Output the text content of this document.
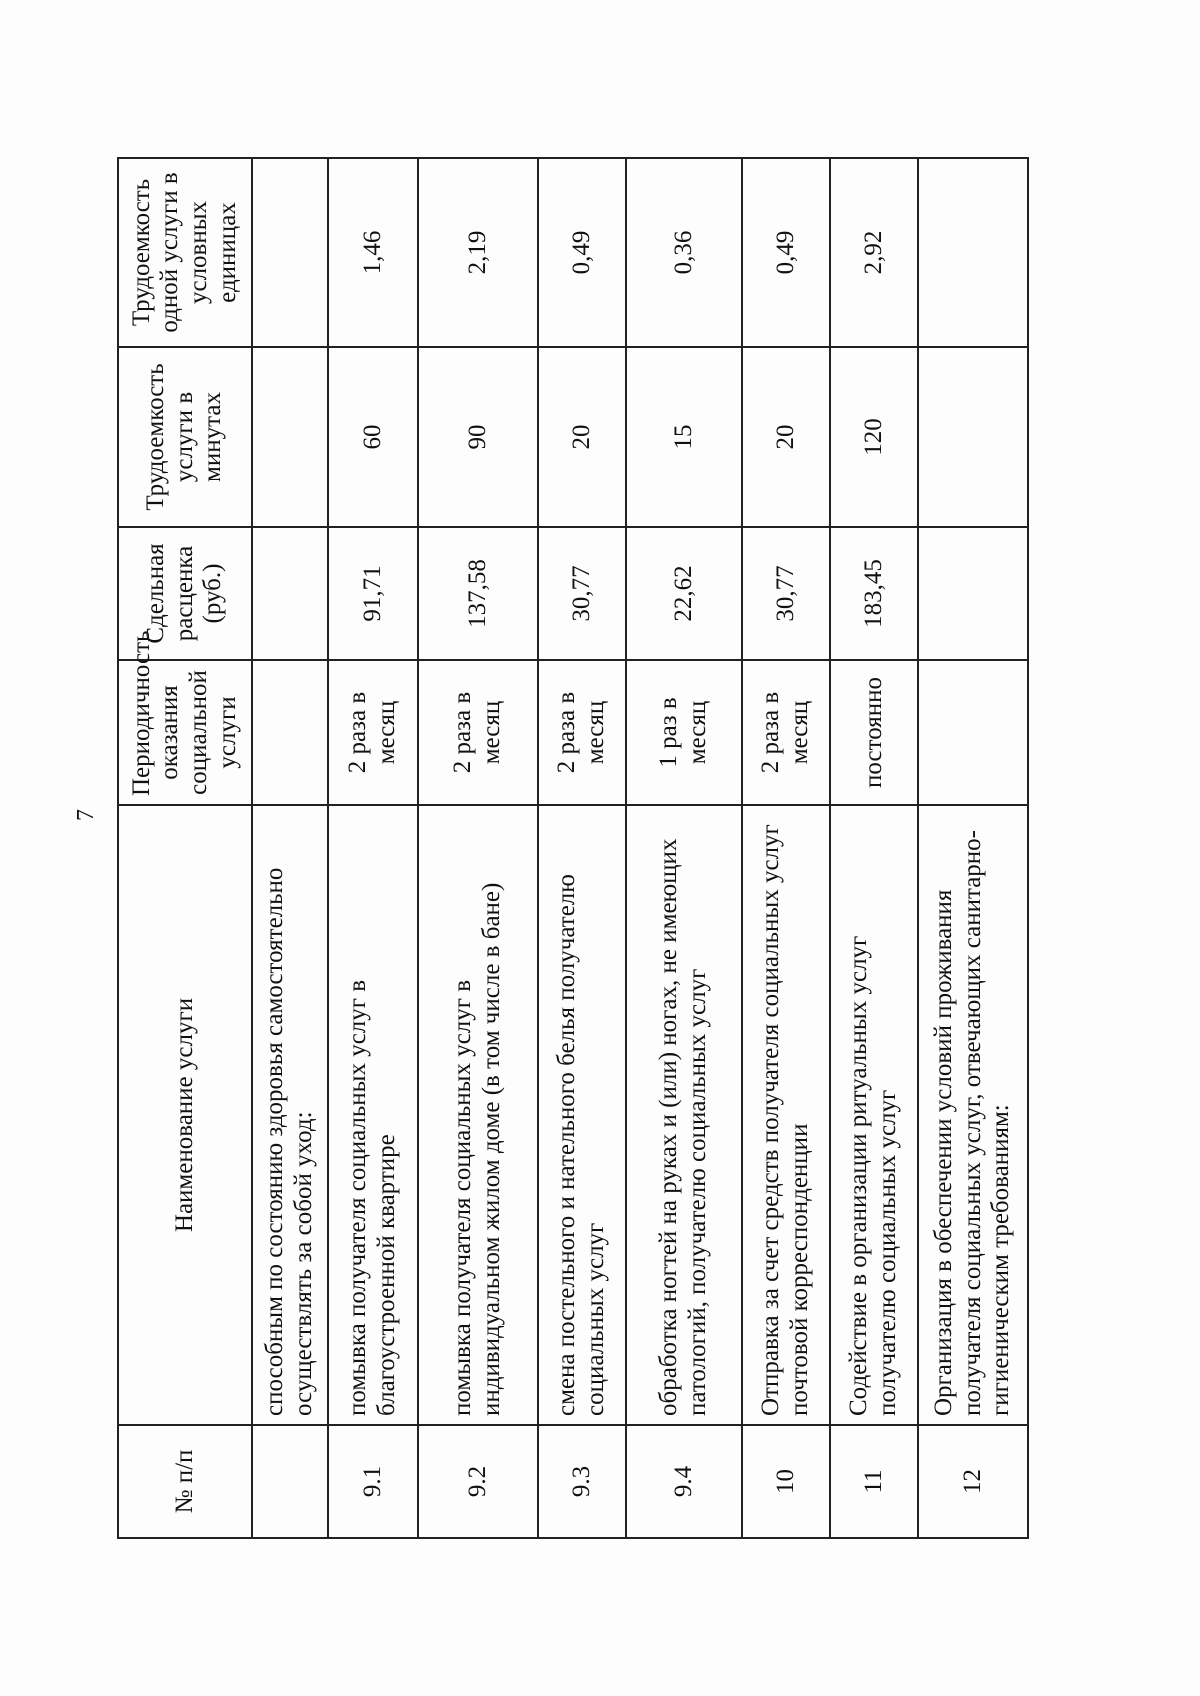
7
№ п/п	Наименование услуги	Периодичность оказания социальной услуги	Сдельная расценка (руб.)	Трудоемкость услуги в минутах	Трудоемкость одной услуги в условных единицах
	способным по состоянию здоровья самостоятельно осуществлять за собой уход:				
9.1	помывка получателя социальных услуг в благоустроенной квартире	2 раза в месяц	91,71	60	1,46
9.2	помывка получателя социальных услуг в индивидуальном жилом доме (в том числе в бане)	2 раза в месяц	137,58	90	2,19
9.3	смена постельного и нательного белья получателю социальных услуг	2 раза в месяц	30,77	20	0,49
9.4	обработка ногтей на руках и (или) ногах, не имеющих патологий, получателю социальных услуг	1 раз в месяц	22,62	15	0,36
10	Отправка за счет средств получателя социальных услуг почтовой корреспонденции	2 раза в месяц	30,77	20	0,49
11	Содействие в организации ритуальных услуг получателю социальных услуг	постоянно	183,45	120	2,92
12	Организация в обеспечении условий проживания получателя социальных услуг, отвечающих санитарно-гигиеническим требованиям:				
